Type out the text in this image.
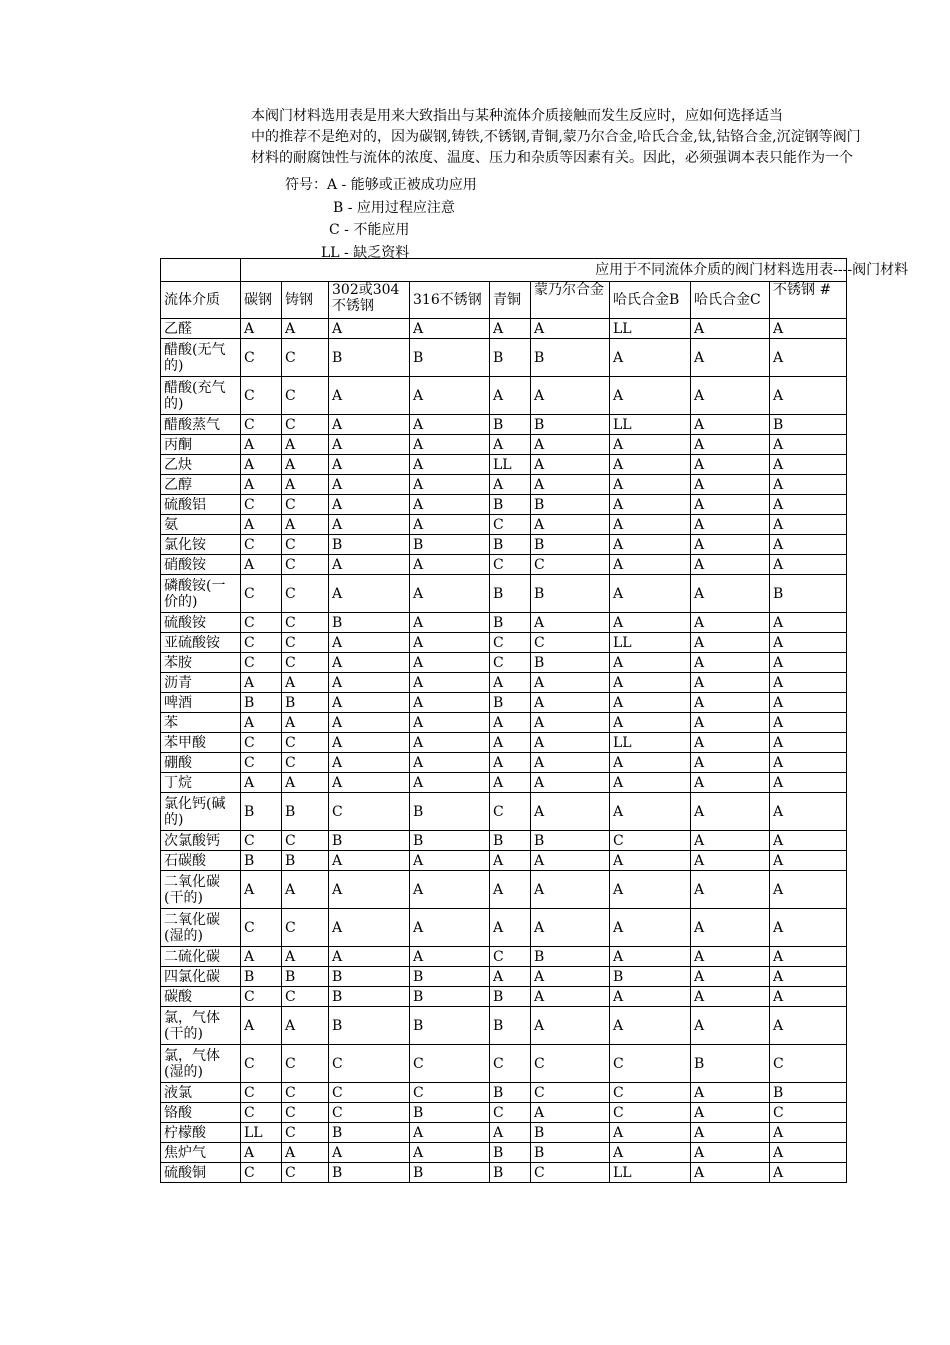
本阀门材料选用表是用来大致指出与某种流体介质接触而发生反应时，应如何选择适当
中的推荐不是绝对的，因为碳钢,铸铁,不锈钢,青铜,蒙乃尔合金,哈氏合金,钛,钴铬合金,沉淀钢等阀门
材料的耐腐蚀性与流体的浓度、温度、压力和杂质等因素有关。因此，必须强调本表只能作为一个
符号：A - 能够或正被成功应用
B - 应用过程应注意
C - 不能应用
LL - 缺乏资料
	应用于不同流体介质的阀门材料选用表----阀门材料								
流体介质	碳钢	铸钢	302或304不锈钢	316不锈钢	青铜	蒙乃尔合金	哈氏合金B	哈氏合金C	不锈钢 #
乙醛	A	A	A	A	A	A	LL	A	A
醋酸(无气的)	C	C	B	B	B	B	A	A	A
醋酸(充气的)	C	C	A	A	A	A	A	A	A
醋酸蒸气	C	C	A	A	B	B	LL	A	B
丙酮	A	A	A	A	A	A	A	A	A
乙炔	A	A	A	A	LL	A	A	A	A
乙醇	A	A	A	A	A	A	A	A	A
硫酸铝	C	C	A	A	B	B	A	A	A
氨	A	A	A	A	C	A	A	A	A
氯化铵	C	C	B	B	B	B	A	A	A
硝酸铵	A	C	A	A	C	C	A	A	A
磷酸铵(一价的)	C	C	A	A	B	B	A	A	B
硫酸铵	C	C	B	A	B	A	A	A	A
亚硫酸铵	C	C	A	A	C	C	LL	A	A
苯胺	C	C	A	A	C	B	A	A	A
沥青	A	A	A	A	A	A	A	A	A
啤酒	B	B	A	A	B	A	A	A	A
苯	A	A	A	A	A	A	A	A	A
苯甲酸	C	C	A	A	A	A	LL	A	A
硼酸	C	C	A	A	A	A	A	A	A
丁烷	A	A	A	A	A	A	A	A	A
氯化钙(碱的)	B	B	C	B	C	A	A	A	A
次氯酸钙	C	C	B	B	B	B	C	A	A
石碳酸	B	B	A	A	A	A	A	A	A
二氧化碳(干的)	A	A	A	A	A	A	A	A	A
二氧化碳(湿的)	C	C	A	A	A	A	A	A	A
二硫化碳	A	A	A	A	C	B	A	A	A
四氯化碳	B	B	B	B	A	A	B	A	A
碳酸	C	C	B	B	B	A	A	A	A
氯，气体(干的)	A	A	B	B	B	A	A	A	A
氯，气体(湿的)	C	C	C	C	C	C	C	B	C
液氯	C	C	C	C	B	C	C	A	B
铬酸	C	C	C	B	C	A	C	A	C
柠檬酸	LL	C	B	A	A	B	A	A	A
焦炉气	A	A	A	A	B	B	A	A	A
硫酸铜	C	C	B	B	B	C	LL	A	A
